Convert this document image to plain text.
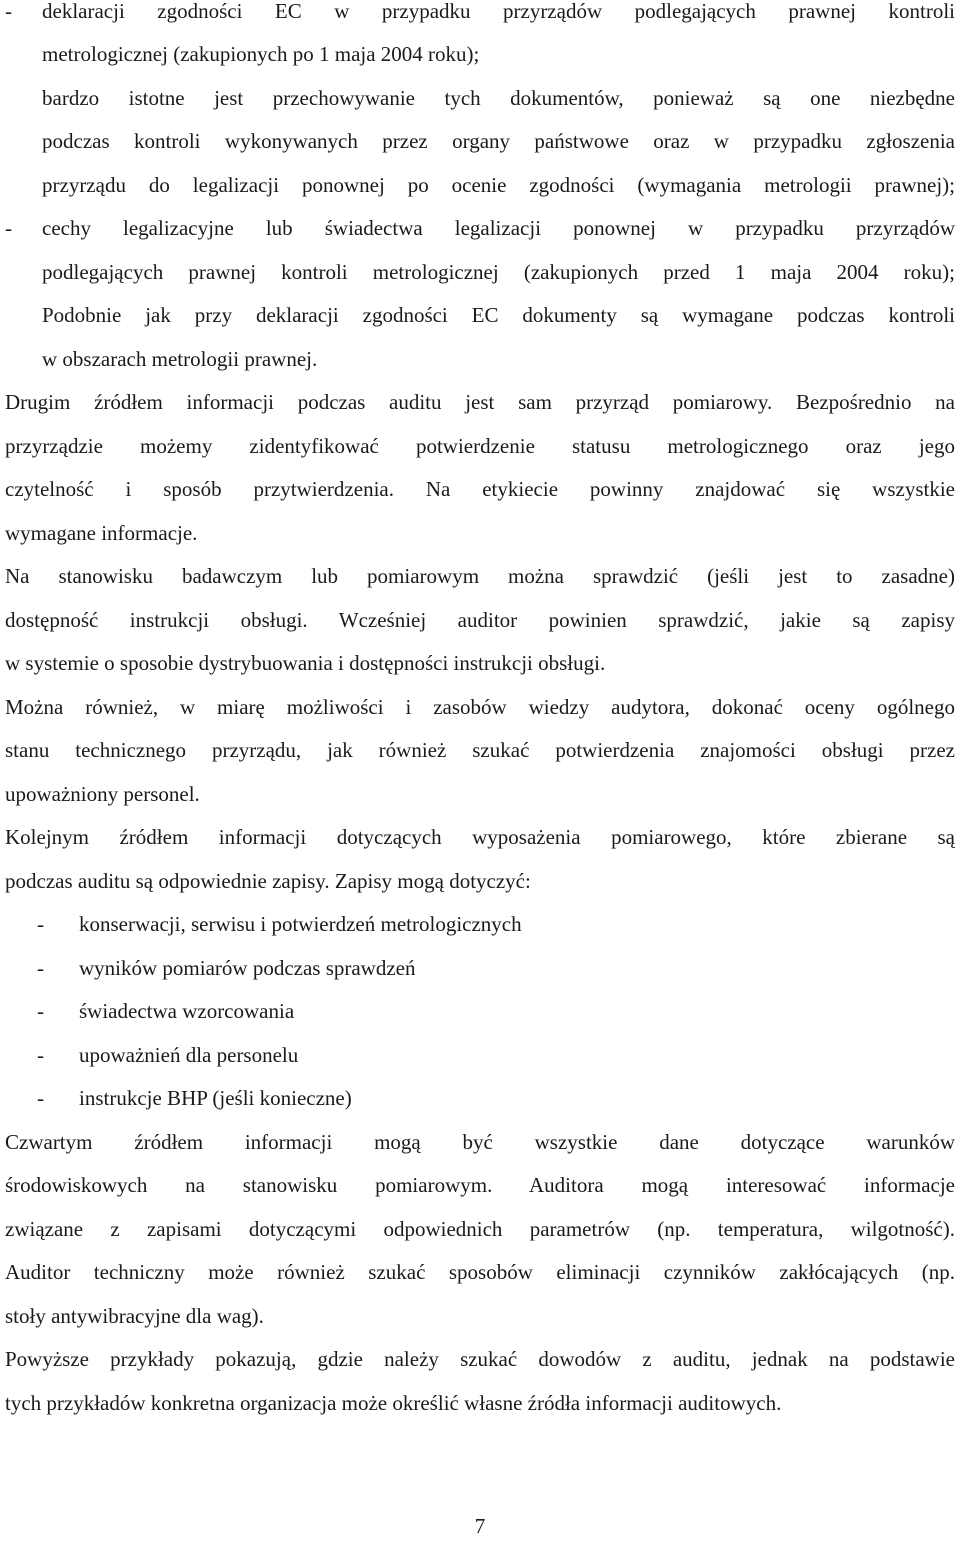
-	deklaracji zgodności EC w przypadku przyrządów podlegających prawnej kontroli
metrologicznej (zakupionych po 1 maja 2004 roku);
bardzo istotne jest przechowywanie tych dokumentów, ponieważ są one niezbędne
podczas kontroli wykonywanych przez organy państwowe oraz w przypadku zgłoszenia
przyrządu do legalizacji ponownej po ocenie zgodności (wymagania metrologii prawnej);
-	cechy legalizacyjne lub świadectwa legalizacji ponownej w przypadku przyrządów
podlegających prawnej kontroli metrologicznej (zakupionych przed 1 maja 2004 roku);
Podobnie jak przy deklaracji zgodności EC dokumenty są wymagane podczas kontroli
w obszarach metrologii prawnej.
Drugim źródłem informacji podczas auditu jest sam przyrząd pomiarowy. Bezpośrednio na
przyrządzie możemy zidentyfikować potwierdzenie statusu metrologicznego oraz jego
czytelność i sposób przytwierdzenia. Na etykiecie powinny znajdować się wszystkie
wymagane informacje.
Na stanowisku badawczym lub pomiarowym można sprawdzić (jeśli jest to zasadne)
dostępność instrukcji obsługi. Wcześniej auditor powinien sprawdzić, jakie są zapisy
w systemie o sposobie dystrybuowania i dostępności instrukcji obsługi.
Można również, w miarę możliwości i zasobów wiedzy audytora, dokonać oceny ogólnego
stanu technicznego przyrządu, jak również szukać potwierdzenia znajomości obsługi przez
upoważniony personel.
Kolejnym źródłem informacji dotyczących wyposażenia pomiarowego, które zbierane są
podczas auditu są odpowiednie zapisy. Zapisy mogą dotyczyć:
-	konserwacji, serwisu i potwierdzeń metrologicznych
-	wyników pomiarów podczas sprawdzeń
-	świadectwa wzorcowania
-	upoważnień dla personelu
-	instrukcje BHP (jeśli konieczne)
Czwartym źródłem informacji mogą być wszystkie dane dotyczące warunków
środowiskowych na stanowisku pomiarowym. Auditora mogą interesować informacje
związane z zapisami dotyczącymi odpowiednich parametrów (np. temperatura, wilgotność).
Auditor techniczny może również szukać sposobów eliminacji czynników zakłócających (np.
stoły antywibracyjne dla wag).
Powyższe przykłady pokazują, gdzie należy szukać dowodów z auditu, jednak na podstawie
tych przykładów konkretna organizacja może określić własne źródła informacji auditowych.
7
